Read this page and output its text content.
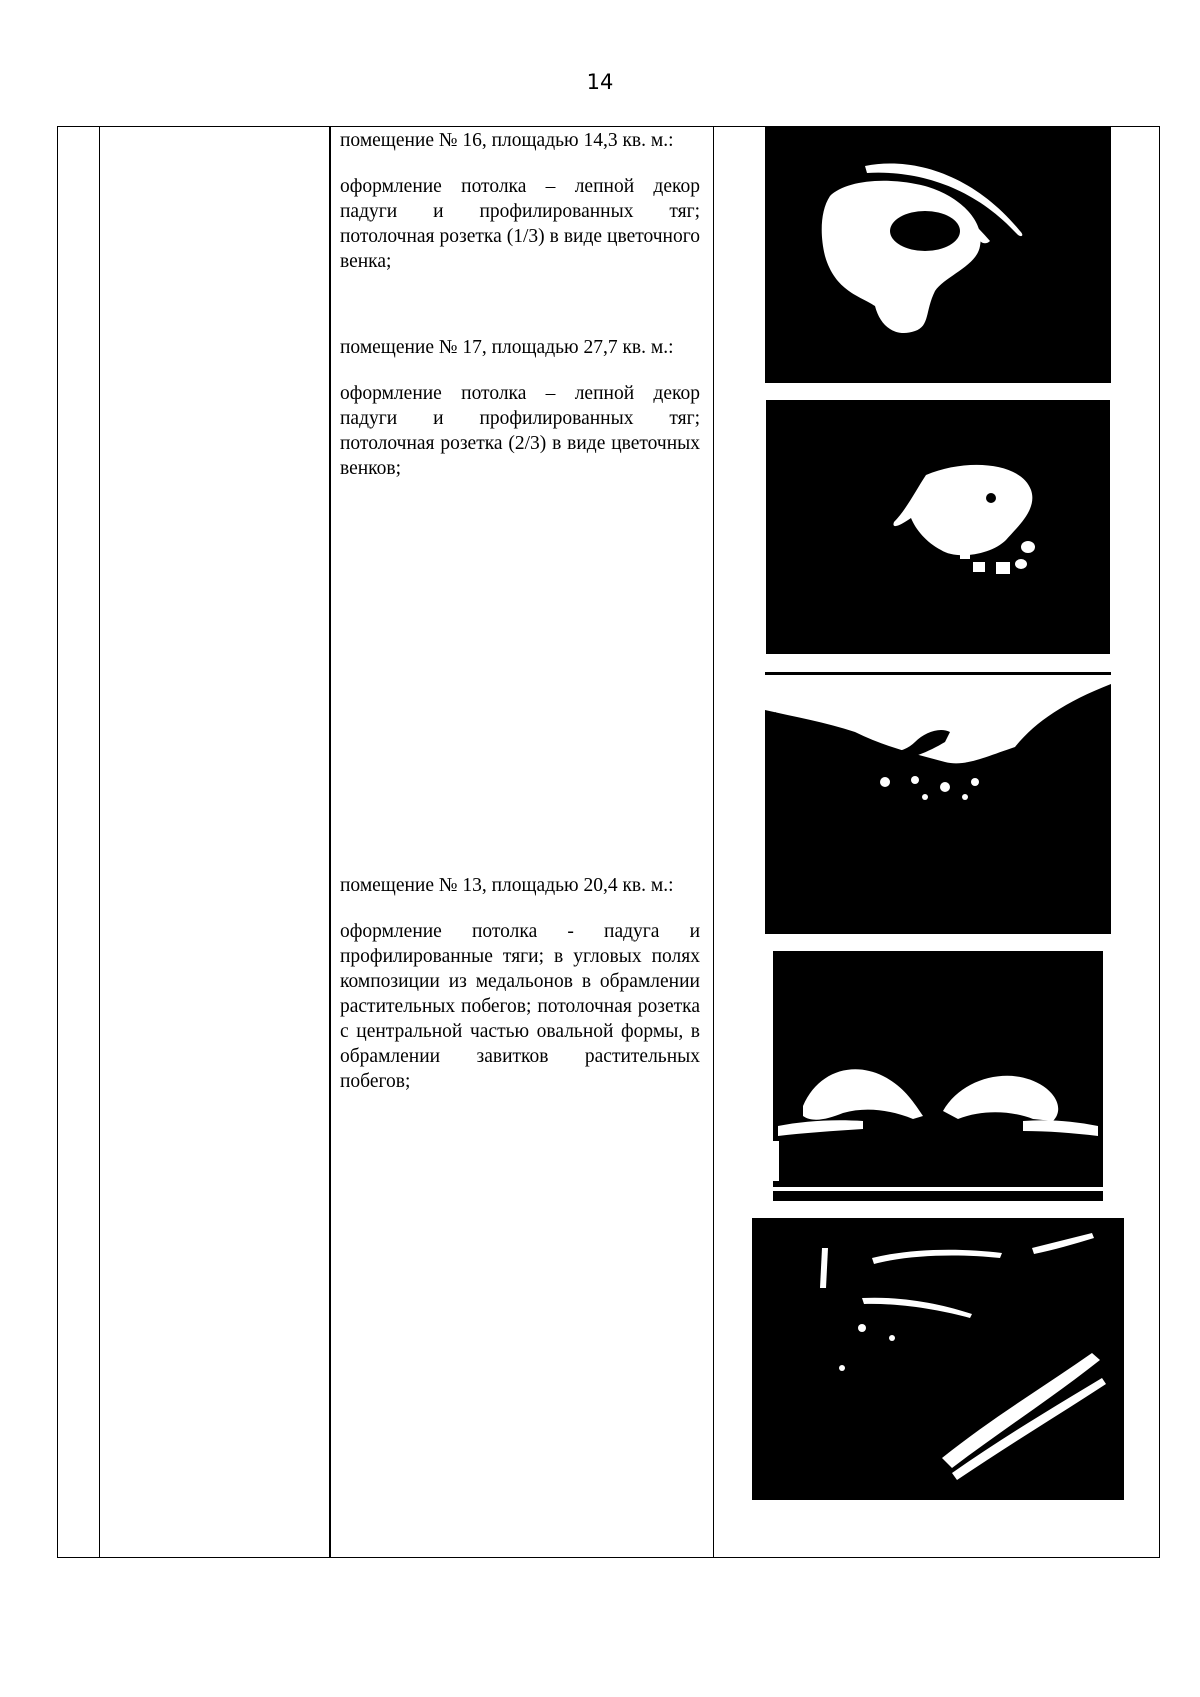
14
помещение № 16, площадью 14,3 кв. м.:
оформление потолка – лепной декор падуги и профилированных тяг; потолочная розетка (1/3) в виде цветочного венка;
помещение № 17, площадью 27,7 кв. м.:
оформление потолка – лепной декор падуги и профилированных тяг; потолочная розетка (2/3) в виде цветочных венков;
помещение № 13, площадью 20,4 кв. м.:
оформление потолка - падуга и профилированные тяги; в угловых полях композиции из медальонов в обрамлении растительных побегов; потолочная розетка с центральной частью овальной формы, в обрамлении завитков растительных побегов;
